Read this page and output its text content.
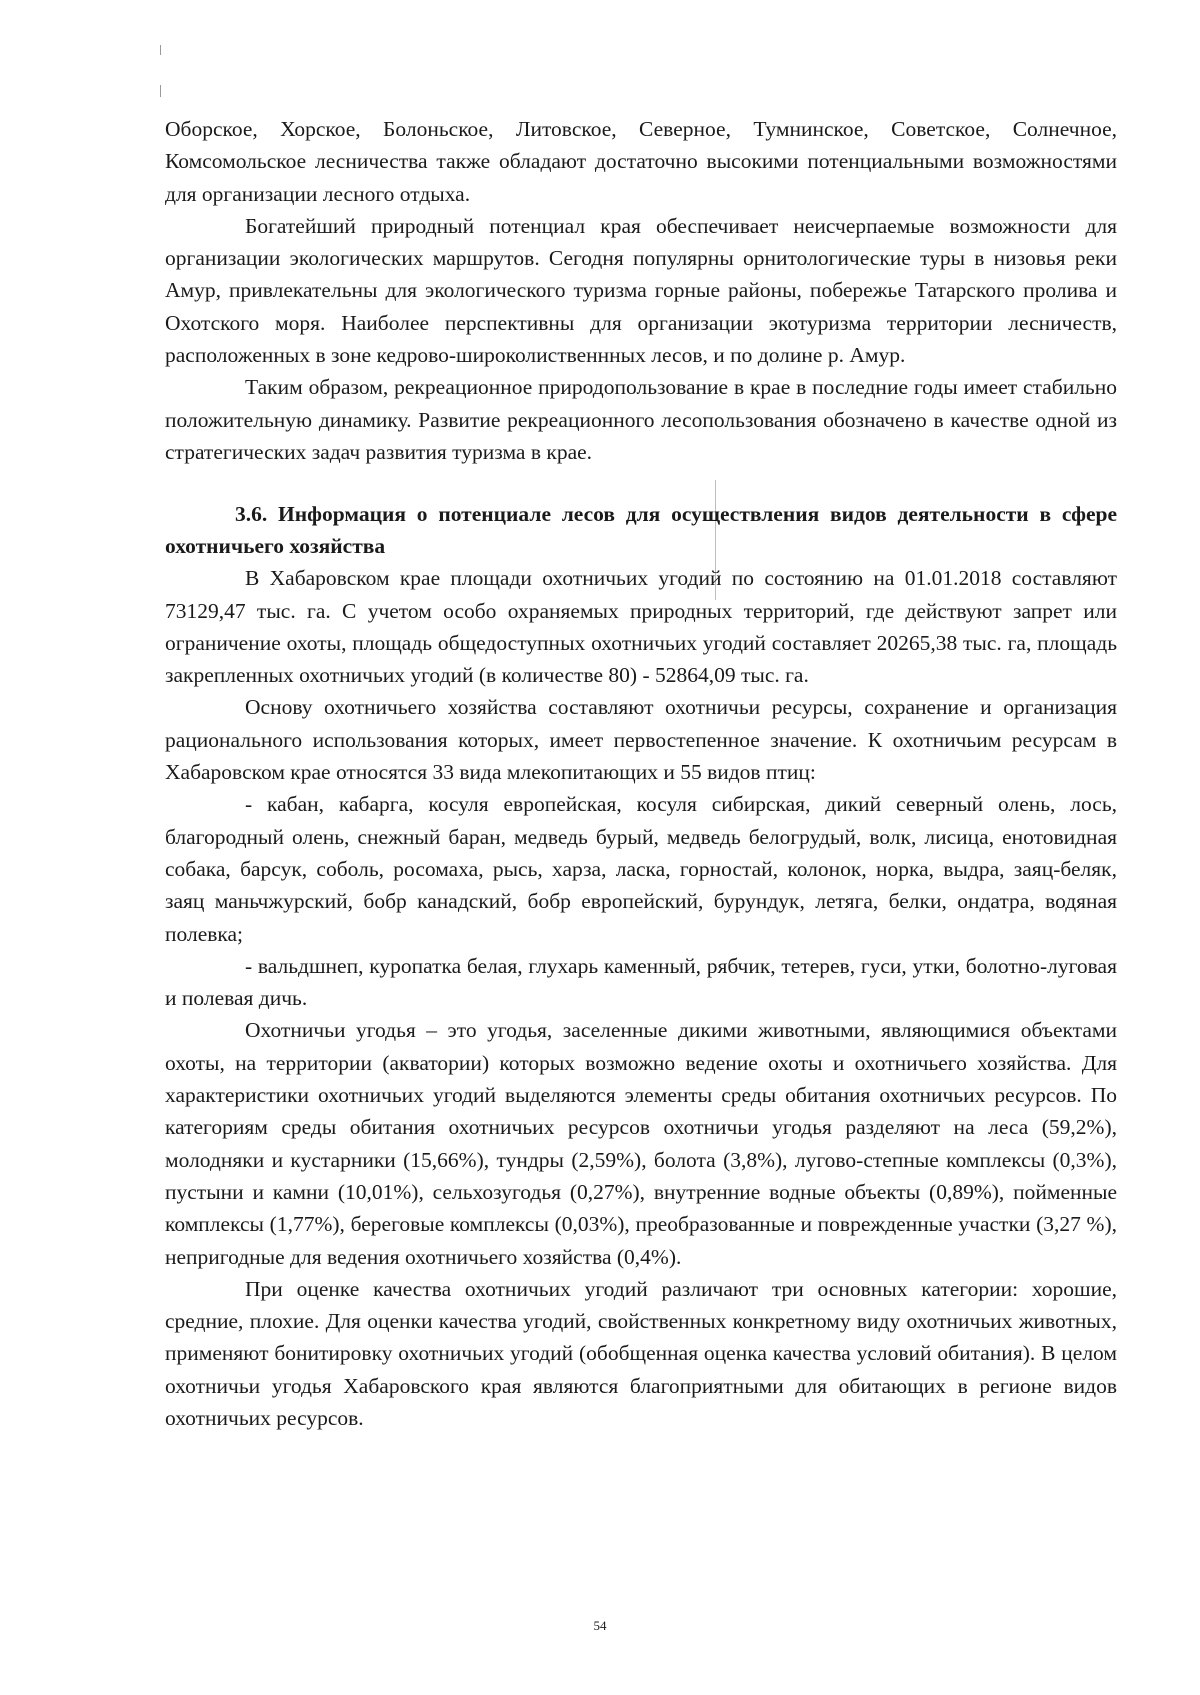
Оборское, Хорское, Болоньское, Литовское, Северное, Тумнинское, Советское, Солнечное, Комсомольское лесничества также обладают достаточно высокими потенциальными возможностями для организации лесного отдыха.

Богатейший природный потенциал края обеспечивает неисчерпаемые возможности для организации экологических маршрутов. Сегодня популярны орнитологические туры в низовья реки Амур, привлекательны для экологического туризма горные районы, побережье Татарского пролива и Охотского моря. Наиболее перспективны для организации экотуризма территории лесничеств, расположенных в зоне кедрово-широколиственнных лесов, и по долине р. Амур.

Таким образом, рекреационное природопользование в крае в последние годы имеет стабильно положительную динамику. Развитие рекреационного лесопользования обозначено в качестве одной из стратегических задач развития туризма в крае.

3.6. Информация о потенциале лесов для осуществления видов деятельности в сфере охотничьего хозяйства

В Хабаровском крае площади охотничьих угодий по состоянию на 01.01.2018 составляют 73129,47 тыс. га. С учетом особо охраняемых природных территорий, где действуют запрет или ограничение охоты, площадь общедоступных охотничьих угодий составляет 20265,38 тыс. га, площадь закрепленных охотничьих угодий (в количестве 80) - 52864,09 тыс. га.

Основу охотничьего хозяйства составляют охотничьи ресурсы, сохранение и организация рационального использования которых, имеет первостепенное значение. К охотничьим ресурсам в Хабаровском крае относятся 33 вида млекопитающих и 55 видов птиц:

- кабан, кабарга, косуля европейская, косуля сибирская, дикий северный олень, лось, благородный олень, снежный баран, медведь бурый, медведь белогрудый, волк, лисица, енотовидная собака, барсук, соболь, росомаха, рысь, харза, ласка, горностай, колонок, норка, выдра, заяц-беляк, заяц маньчжурский, бобр канадский, бобр европейский, бурундук, летяга, белки, ондатра, водяная полевка;

- вальдшнеп, куропатка белая, глухарь каменный, рябчик, тетерев, гуси, утки, болотно-луговая и полевая дичь.

Охотничьи угодья – это угодья, заселенные дикими животными, являющимися объектами охоты, на территории (акватории) которых возможно ведение охоты и охотничьего хозяйства. Для характеристики охотничьих угодий выделяются элементы среды обитания охотничьих ресурсов. По категориям среды обитания охотничьих ресурсов охотничьи угодья разделяют на леса (59,2%), молодняки и кустарники (15,66%), тундры (2,59%), болота (3,8%), лугово-степные комплексы (0,3%), пустыни и камни (10,01%), сельхозугодья (0,27%), внутренние водные объекты (0,89%), пойменные комплексы (1,77%), береговые комплексы (0,03%), преобразованные и поврежденные участки (3,27 %), непригодные для ведения охотничьего хозяйства (0,4%).

При оценке качества охотничьих угодий различают три основных категории: хорошие, средние, плохие. Для оценки качества угодий, свойственных конкретному виду охотничьих животных, применяют бонитировку охотничьих угодий (обобщенная оценка качества условий обитания). В целом охотничьи угодья Хабаровского края являются благоприятными для обитающих в регионе видов охотничьих ресурсов.

54
